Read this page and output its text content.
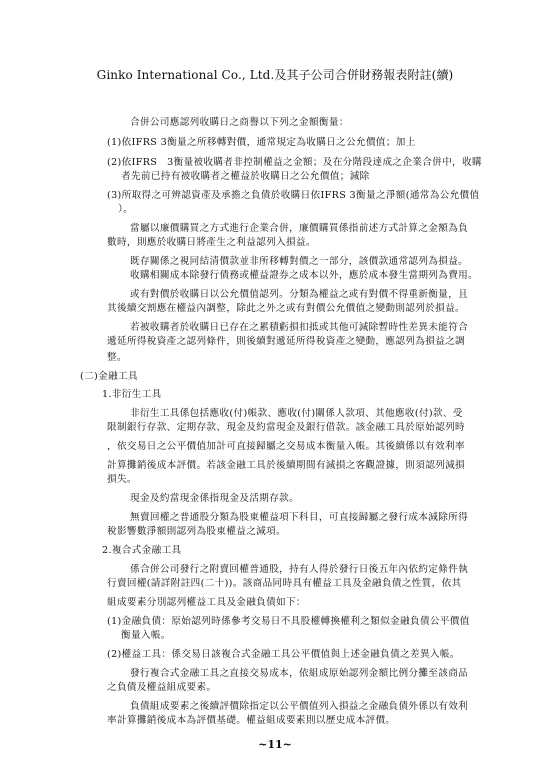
Ginko International Co., Ltd.及其子公司合併財務報表附註(續)
合併公司應認列收購日之商譽以下列之金額衡量：
(1)依IFRS 3衡量之所移轉對價，通常規定為收購日之公允價值；加上
(2)依IFRS　3衡量被收購者非控制權益之金額；及在分階段達成之企業合併中，收購
者先前已持有被收購者之權益於收購日之公允價值；減除
(3)所取得之可辨認資產及承擔之負債於收購日依IFRS 3衡量之淨額(通常為公允價值
）。
當屬以廉價購買之方式進行企業合併，廉價購買係指前述方式計算之金額為負
數時，則應於收購日將產生之利益認列入損益。
既存關係之視同結清價款並非所移轉對價之一部分，該價款通常認列為損益。
收購相關成本除發行債務或權益證券之成本以外，應於成本發生當期列為費用。
或有對價於收購日以公允價值認列。分類為權益之或有對價不得重新衡量，且
其後續交割應在權益內調整，除此之外之或有對價公允價值之變動則認列於損益。
若被收購者於收購日已存在之累積虧損扣抵或其他可減除暫時性差異未能符合
遞延所得稅資產之認列條件，則後續對遞延所得稅資產之變動，應認列為損益之調
整。
(二)金融工具
1.非衍生工具
非衍生工具係包括應收(付)帳款、應收(付)關係人款項、其他應收(付)款、受
限制銀行存款、定期存款、現金及約當現金及銀行借款。該金融工具於原始認列時
，依交易日之公平價值加計可直接歸屬之交易成本衡量入帳。其後續係以有效利率
計算攤銷後成本評價。若該金融工具於後續期間有減損之客觀證據，則須認列減損
損失。
現金及約當現金係指現金及活期存款。
無賣回權之普通股分類為股東權益項下科目，可直接歸屬之發行成本減除所得
稅影響數淨額則認列為股東權益之減項。
2.複合式金融工具
係合併公司發行之附賣回權普通股，持有人得於發行日後五年內依約定條件執
行賣回權(請詳附註四(二十))。該商品同時具有權益工具及金融負債之性質，依其
組成要素分別認列權益工具及金融負債如下：
(1)金融負債：原始認列時係參考交易日不具股權轉換權利之類似金融負債公平價值
衡量入帳。
(2)權益工具：係交易日該複合式金融工具公平價值與上述金融負債之差異入帳。
發行複合式金融工具之直接交易成本，依組成原始認列金額比例分攤至該商品
之負債及權益組成要素。
負債組成要素之後續評價除指定以公平價值列入損益之金融負債外係以有效利
率計算攤銷後成本為評價基礎。權益組成要素則以歷史成本評價。
~11~
